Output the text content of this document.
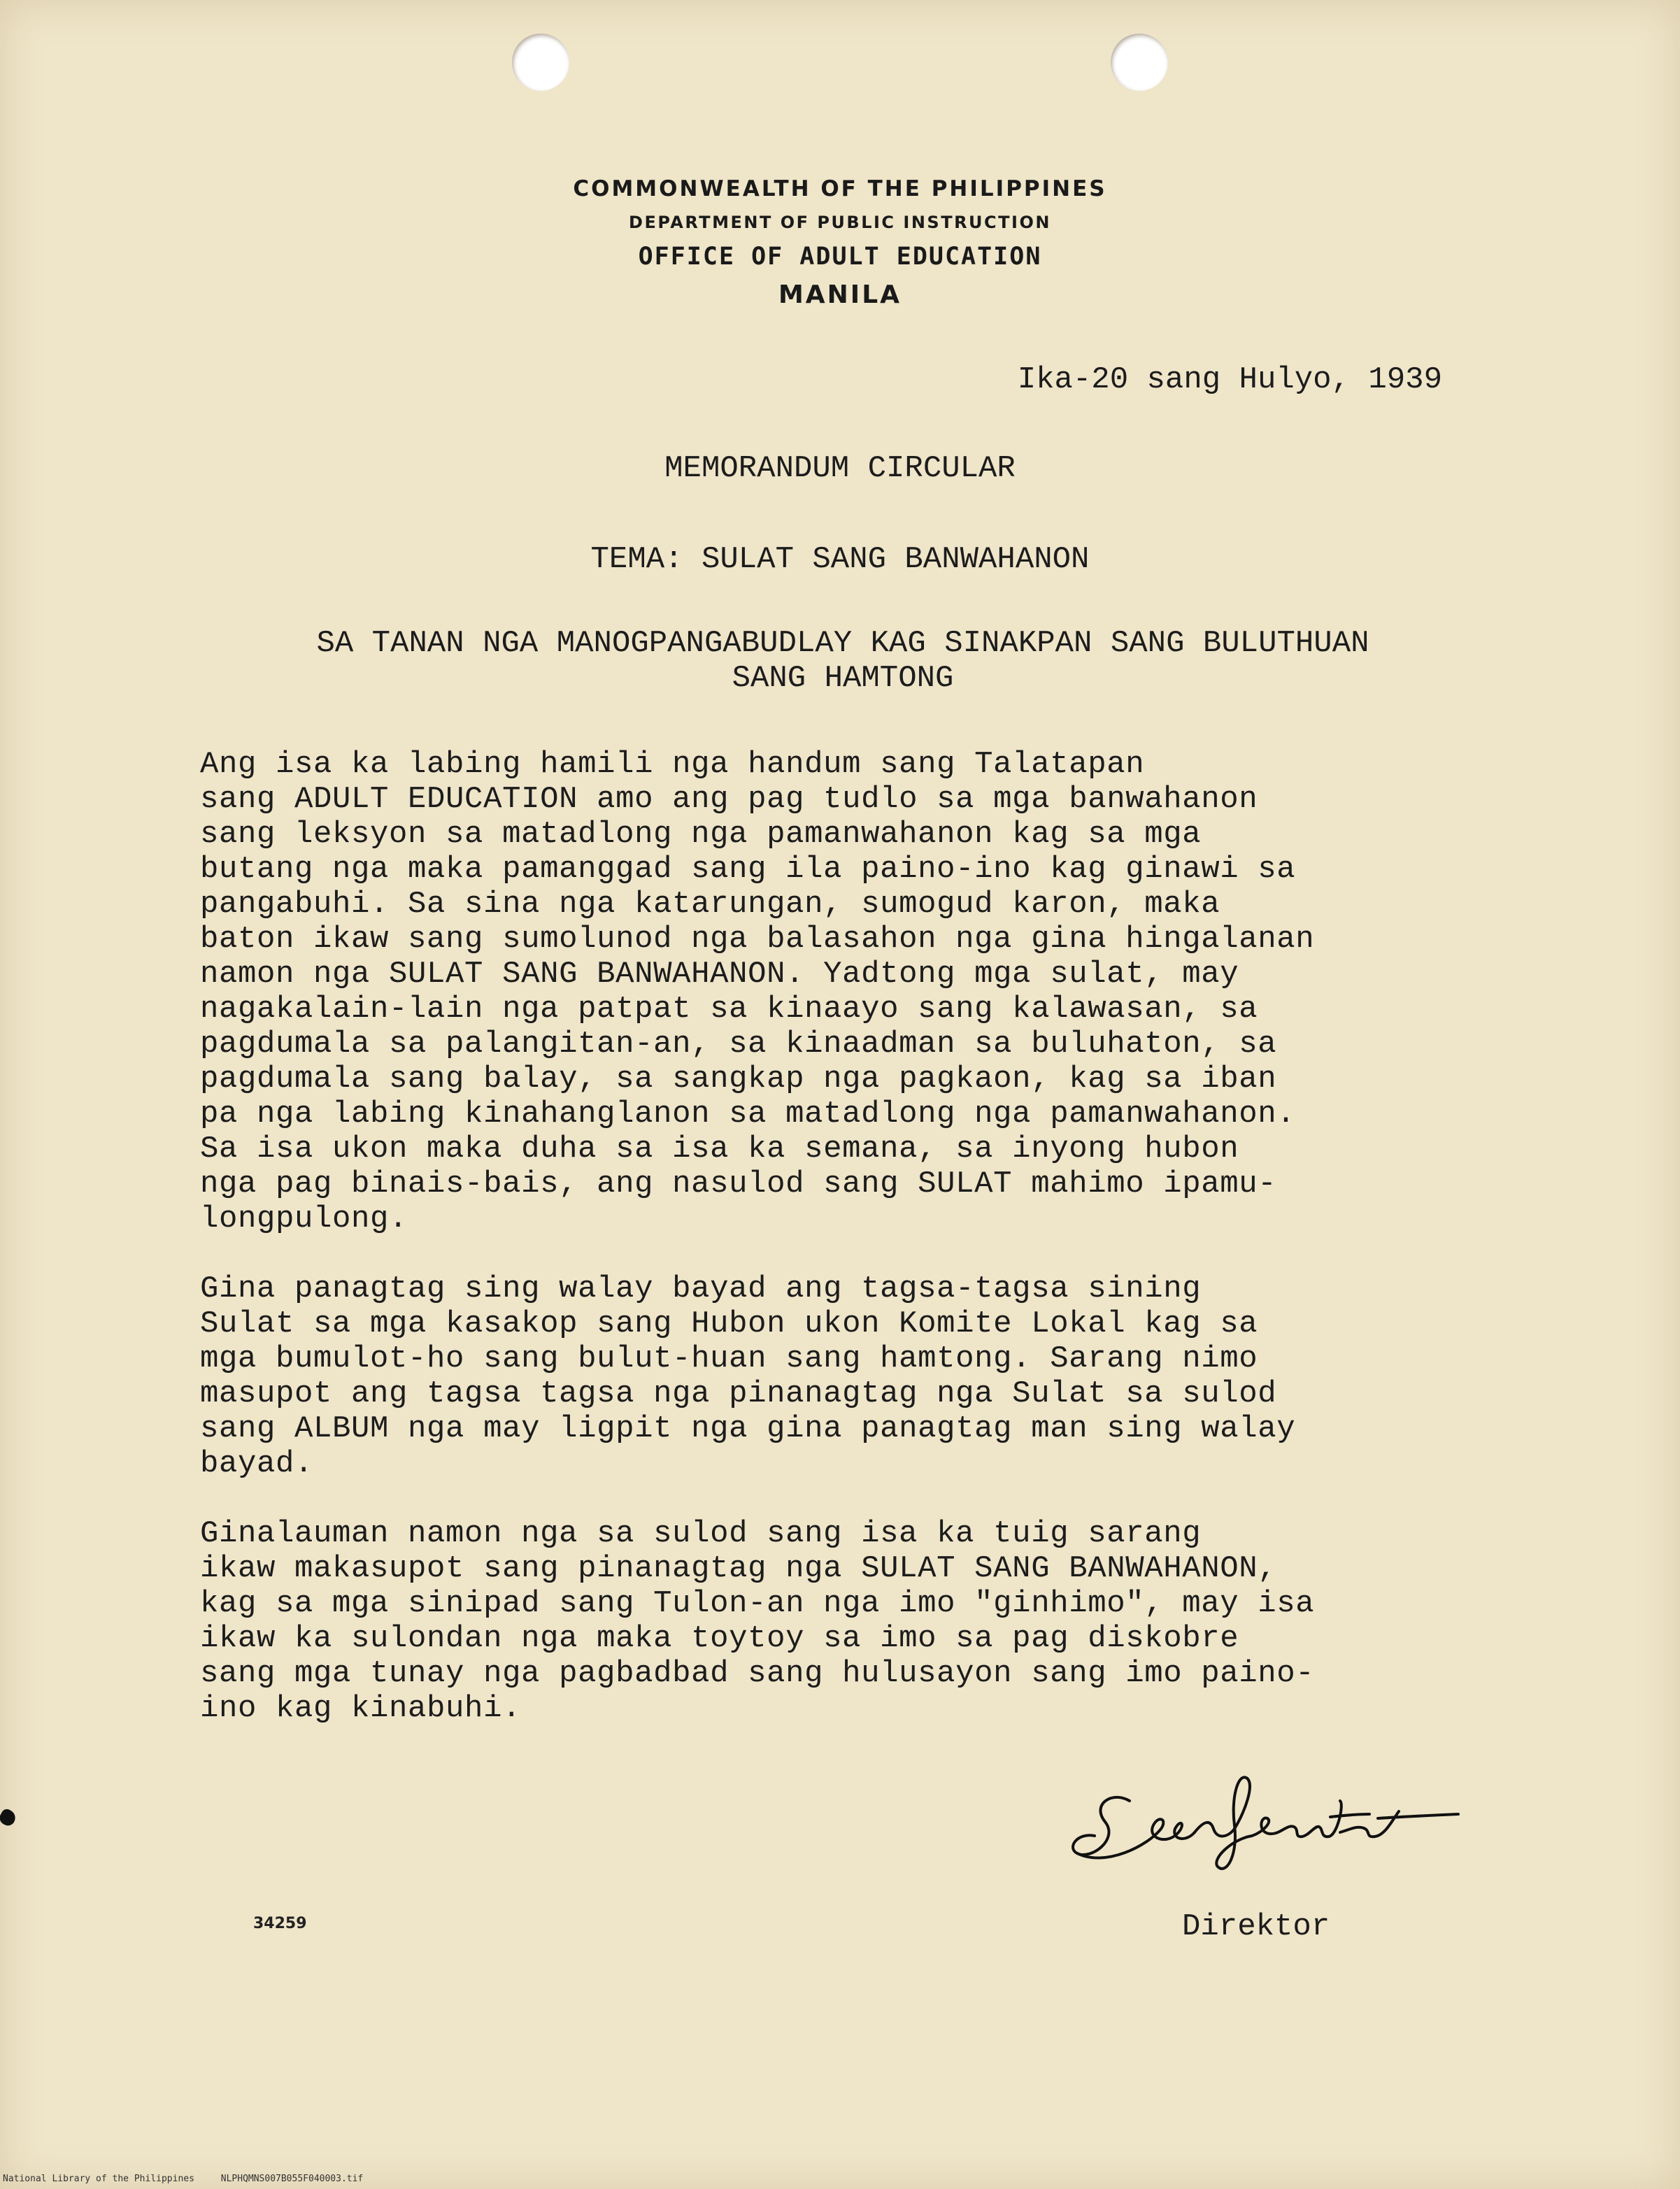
COMMONWEALTH OF THE PHILIPPINES
DEPARTMENT OF PUBLIC INSTRUCTION
OFFICE OF ADULT EDUCATION
MANILA
Ika-20 sang Hulyo, 1939
MEMORANDUM CIRCULAR
TEMA: SULAT SANG BANWAHANON
SA TANAN NGA MANOGPANGABUDLAY KAG SINAKPAN SANG BULUTHUAN
SANG HAMTONG

Ang isa ka labing hamili nga handum sang Talatapan
sang ADULT EDUCATION amo ang pag tudlo sa mga banwahanon
sang leksyon sa matadlong nga pamanwahanon kag sa mga
butang nga maka pamanggad sang ila paino-ino kag ginawi sa
pangabuhi. Sa sina nga katarungan, sumogud karon, maka
baton ikaw sang sumolunod nga balasahon nga gina hingalanan
namon nga SULAT SANG BANWAHANON. Yadtong mga sulat, may
nagakalain-lain nga patpat sa kinaayo sang kalawasan, sa
pagdumala sa palangitan-an, sa kinaadman sa buluhaton, sa
pagdumala sang balay, sa sangkap nga pagkaon, kag sa iban
pa nga labing kinahanglanon sa matadlong nga pamanwahanon.
Sa isa ukon maka duha sa isa ka semana, sa inyong hubon
nga pag binais-bais, ang nasulod sang SULAT mahimo ipamu-
longpulong.

Gina panagtag sing walay bayad ang tagsa-tagsa sining
Sulat sa mga kasakop sang Hubon ukon Komite Lokal kag sa
mga bumulot-ho sang bulut-huan sang hamtong. Sarang nimo
masupot ang tagsa tagsa nga pinanagtag nga Sulat sa sulod
sang ALBUM nga may ligpit nga gina panagtag man sing walay
bayad.

Ginalauman namon nga sa sulod sang isa ka tuig sarang
ikaw makasupot sang pinanagtag nga SULAT SANG BANWAHANON,
kag sa mga sinipad sang Tulon-an nga imo "ginhimo", may isa
ikaw ka sulondan nga maka toytoy sa imo sa pag diskobre
sang mga tunay nga pagbadbad sang hulusayon sang imo paino-
ino kag kinabuhi.

Direktor
34259
National Library of the Philippines	NLPHQMNS007B055F040003.tif
